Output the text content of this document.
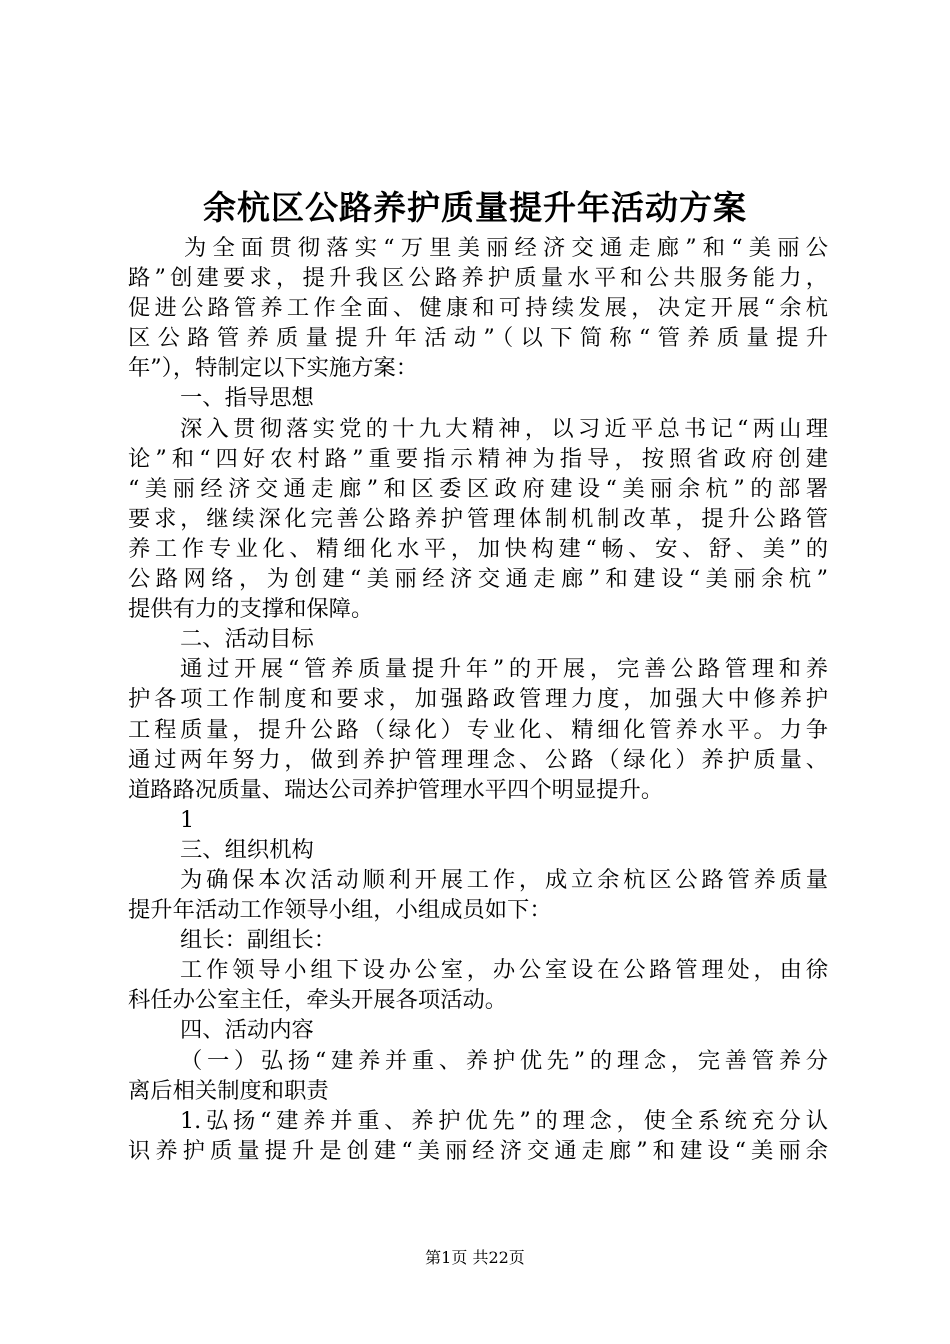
余杭区公路养护质量提升年活动方案
为全面贯彻落实“万里美丽经济交通走廊”和“美丽公
路”创建要求，提升我区公路养护质量水平和公共服务能力，
促进公路管养工作全面、健康和可持续发展，决定开展“余杭
区公路管养质量提升年活动”（以下简称“管养质量提升
年”），特制定以下实施方案：
一、指导思想
深入贯彻落实党的十九大精神，以习近平总书记“两山理
论”和“四好农村路”重要指示精神为指导，按照省政府创建
“美丽经济交通走廊”和区委区政府建设“美丽余杭”的部署
要求，继续深化完善公路养护管理体制机制改革，提升公路管
养工作专业化、精细化水平，加快构建“畅、安、舒、美”的
公路网络，为创建“美丽经济交通走廊”和建设“美丽余杭”
提供有力的支撑和保障。
二、活动目标
通过开展“管养质量提升年”的开展，完善公路管理和养
护各项工作制度和要求，加强路政管理力度，加强大中修养护
工程质量，提升公路（绿化）专业化、精细化管养水平。力争
通过两年努力，做到养护管理理念、公路（绿化）养护质量、
道路路况质量、瑞达公司养护管理水平四个明显提升。
1
三、组织机构
为确保本次活动顺利开展工作，成立余杭区公路管养质量
提升年活动工作领导小组，小组成员如下：
组长：副组长：
工作领导小组下设办公室，办公室设在公路管理处，由徐
科任办公室主任，牵头开展各项活动。
四、活动内容
（一）弘扬“建养并重、养护优先”的理念，完善管养分
离后相关制度和职责
1.弘扬“建养并重、养护优先”的理念，使全系统充分认
识养护质量提升是创建“美丽经济交通走廊”和建设“美丽余
第1页 共22页
